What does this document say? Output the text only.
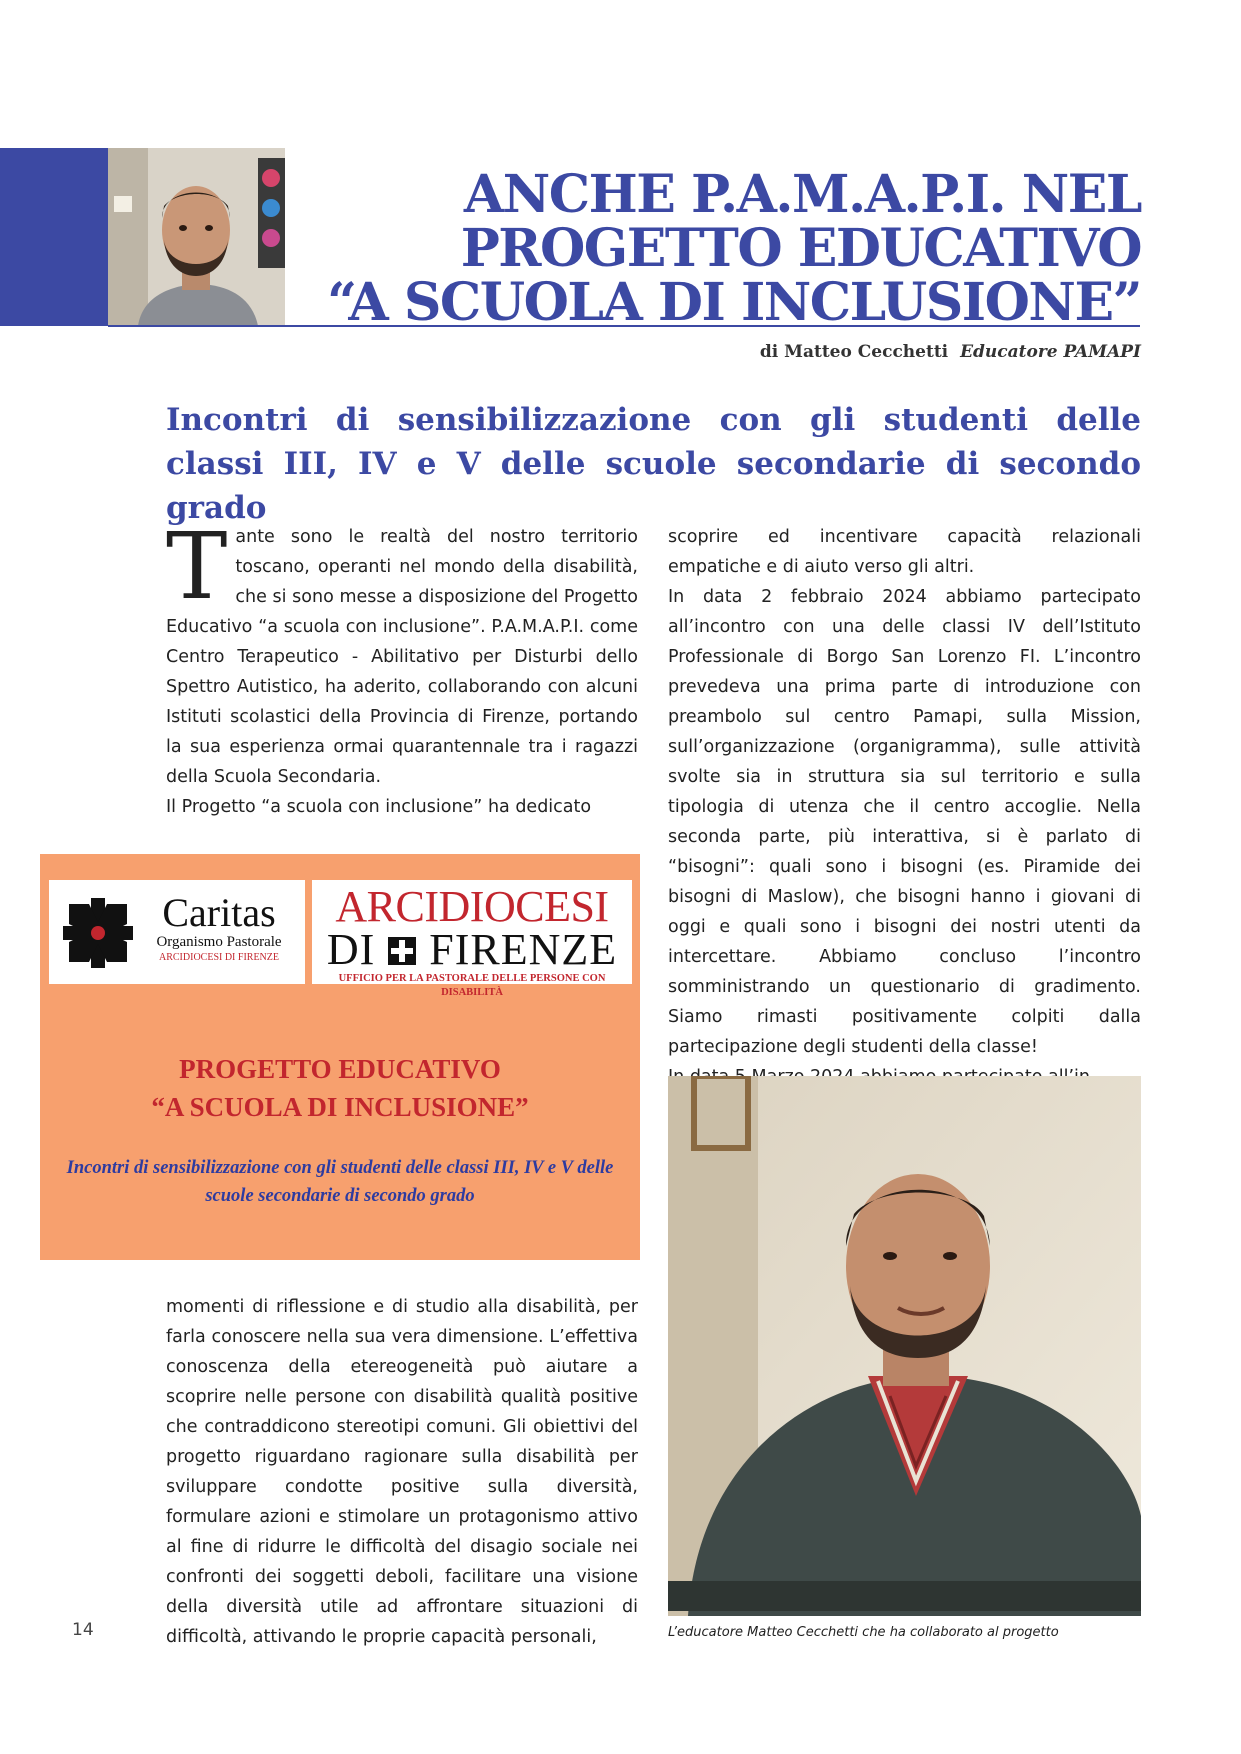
ANCHE P.A.M.A.P.I. NEL
PROGETTO EDUCATIVO
“A SCUOLA DI INCLUSIONE”
di Matteo Cecchetti Educatore PAMAPI
Incontri di sensibilizzazione con gli studenti delle classi III, IV e V delle scuole secondarie di secondo grado

Tante sono le realtà del nostro territorio toscano, operanti nel mondo della disabilità, che si sono messe a disposizione del Progetto Educativo “a scuola con inclusione”. P.A.M.A.P.I. come Centro Terapeutico - Abilitativo per Disturbi dello Spettro Autistico, ha aderito, collaborando con alcuni Istituti scolastici della Provincia di Firenze, portando la sua esperienza ormai quarantennale tra i ragazzi della Scuola Secondaria.

Il Progetto “a scuola con inclusione” ha dedicato

Caritas
Organismo Pastorale
ARCIDIOCESI DI FIRENZE
ARCIDIOCESI
DI FIRENZE
UFFICIO PER LA PASTORALE DELLE PERSONE CON DISABILITÀ
PROGETTO EDUCATIVO
“A SCUOLA DI INCLUSIONE”
Incontri di sensibilizzazione con gli studenti delle classi III, IV e V delle scuole secondarie di secondo grado

momenti di riflessione e di studio alla disabilità, per farla conoscere nella sua vera dimensione. L’effettiva conoscenza della etereogeneità può aiutare a scoprire nelle persone con disabilità qualità positive che contraddicono stereotipi comuni. Gli obiettivi del progetto riguardano ragionare sulla disabilità per sviluppare condotte positive sulla diversità, formulare azioni e stimolare un protagonismo attivo al fine di ridurre le difficoltà del disagio sociale nei confronti dei soggetti deboli, facilitare una visione della diversità utile ad affrontare situazioni di difficoltà, attivando le proprie capacità personali,

scoprire ed incentivare capacità relazionali empatiche e di aiuto verso gli altri.

In data 2 febbraio 2024 abbiamo partecipato all’incontro con una delle classi IV dell’Istituto Professionale di Borgo San Lorenzo FI. L’incontro prevedeva una prima parte di introduzione con preambolo sul centro Pamapi, sulla Mission, sull’organizzazione (organigramma), sulle attività svolte sia in struttura sia sul territorio e sulla tipologia di utenza che il centro accoglie. Nella seconda parte, più interattiva, si è parlato di “bisogni”: quali sono i bisogni (es. Piramide dei bisogni di Maslow), che bisogni hanno i giovani di oggi e quali sono i bisogni dei nostri utenti da intercettare. Abbiamo concluso l’incontro somministrando un questionario di gradimento. Siamo rimasti positivamente colpiti dalla partecipazione degli studenti della classe!

L’educatore Matteo Cecchetti che ha collaborato al progetto
14
